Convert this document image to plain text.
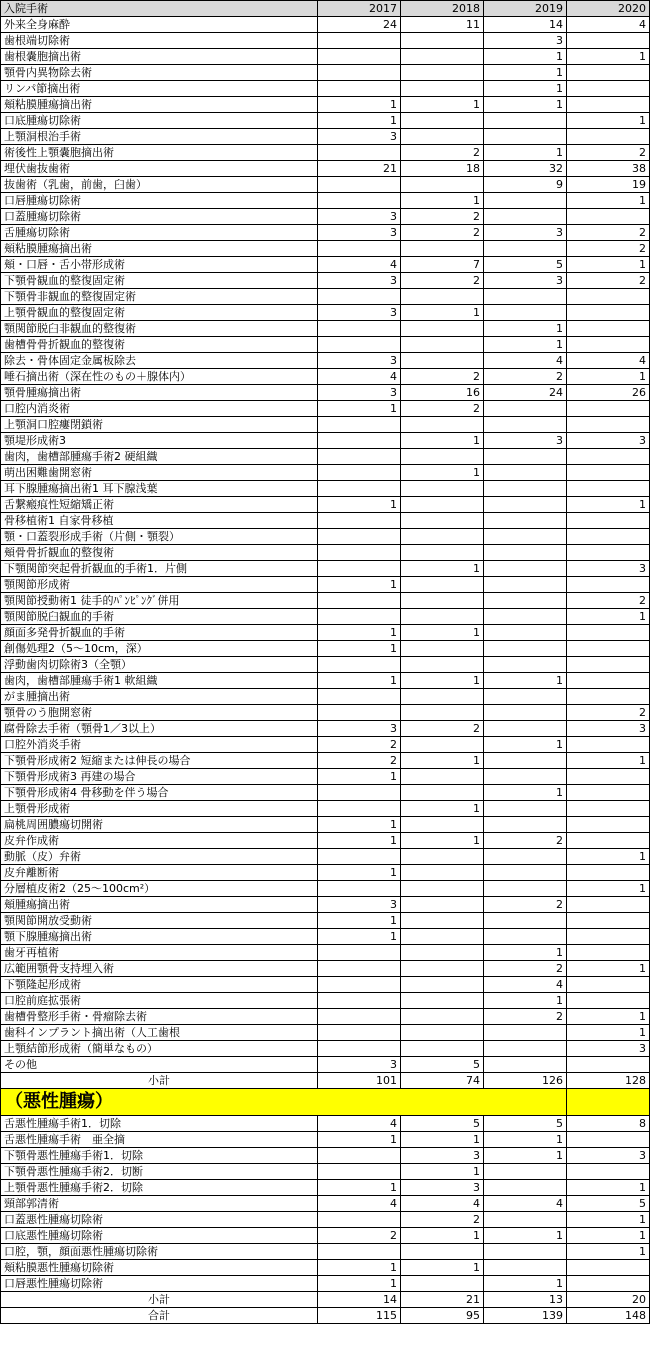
入院手術	2017	2018	2019	2020
外来全身麻酔	24	11	14	4
歯根端切除術			3	
歯根嚢胞摘出術			1	1
顎骨内異物除去術			1	
リンパ節摘出術			1	
頬粘膜腫瘍摘出術	1	1	1	
口底腫瘍切除術	1			1
上顎洞根治手術	3			
術後性上顎嚢胞摘出術		2	1	2
埋伏歯抜歯術	21	18	32	38
抜歯術（乳歯，前歯，臼歯）			9	19
口唇腫瘍切除術		1		1
口蓋腫瘍切除術	3	2		
舌腫瘍切除術	3	2	3	2
頬粘膜腫瘍摘出術				2
頬・口唇・舌小帯形成術	4	7	5	1
下顎骨観血的整復固定術	3	2	3	2
下顎骨非観血的整復固定術				
上顎骨観血的整復固定術	3	1		
顎関節脱臼非観血的整復術			1	
歯槽骨骨折観血的整復術			1	
除去・骨体固定金属板除去	3		4	4
唾石摘出術（深在性のもの＋腺体内）	4	2	2	1
顎骨腫瘍摘出術	3	16	24	26
口腔内消炎術	1	2		
上顎洞口腔瘻閉鎖術				
顎堤形成術3		1	3	3
歯肉，歯槽部腫瘍手術2 硬組織				
萌出困難歯開窓術		1		
耳下腺腫瘍摘出術1 耳下腺浅葉				
舌繋瘢痕性短縮矯正術	1			1
骨移植術1 自家骨移植				
顎・口蓋裂形成手術（片側・顎裂）				
頬骨骨折観血的整復術				
下顎関節突起骨折観血的手術1．片側		1		3
顎関節形成術	1			
顎関節授動術1 徒手的ﾊﾟﾝﾋﾟﾝｸﾞ併用				2
顎関節脱臼観血的手術				1
顔面多発骨折観血的手術	1	1		
創傷処理2（5～10cm，深）	1			
浮動歯肉切除術3（全顎）				
歯肉，歯槽部腫瘍手術1 軟組織	1	1	1	
がま腫摘出術				
顎骨のう胞開窓術				2
腐骨除去手術（顎骨1／3以上）	3	2		3
口腔外消炎手術	2		1	
下顎骨形成術2 短縮または伸長の場合	2	1		1
下顎骨形成術3 再建の場合	1			
下顎骨形成術4 骨移動を伴う場合			1	
上顎骨形成術		1		
扁桃周囲膿瘍切開術	1			
皮弁作成術	1	1	2	
動脈（皮）弁術				1
皮弁離断術	1			
分層植皮術2（25～100cm²）				1
頬腫瘍摘出術	3		2	
顎関節開放受動術	1			
顎下腺腫瘍摘出術	1			
歯牙再植術			1	
広範囲顎骨支持埋入術			2	1
下顎隆起形成術			4	
口腔前庭拡張術			1	
歯槽骨整形手術・骨瘤除去術			2	1
歯科インプラント摘出術（人工歯根				1
上顎結節形成術（簡単なもの）				3
その他	3	5		
小計	101	74	126	128
（悪性腫瘍）				
舌悪性腫瘍手術1．切除	4	5	5	8
舌悪性腫瘍手術　亜全摘	1	1	1	
下顎骨悪性腫瘍手術1．切除		3	1	3
下顎骨悪性腫瘍手術2．切断		1		
上顎骨悪性腫瘍手術2．切除	1	3		1
頸部郭清術	4	4	4	5
口蓋悪性腫瘍切除術		2		1
口底悪性腫瘍切除術	2	1	1	1
口腔，顎，顔面悪性腫瘍切除術				1
頬粘膜悪性腫瘍切除術	1	1		
口唇悪性腫瘍切除術	1		1	
小計	14	21	13	20
合計	115	95	139	148
